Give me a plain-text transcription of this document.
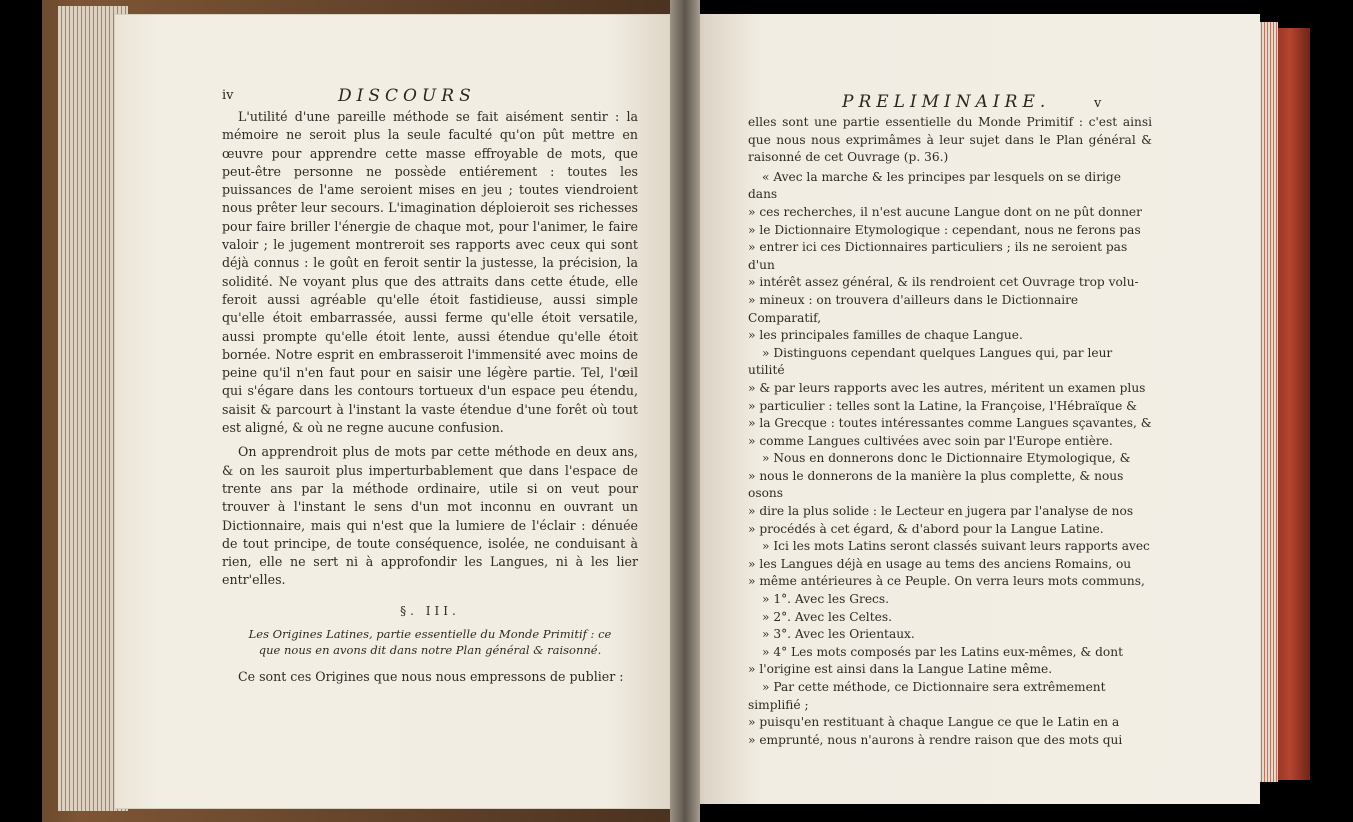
iv	DISCOURS

L'utilité d'une pareille méthode se fait aisément sentir : la mémoire ne seroit plus la seule faculté qu'on pût mettre en œuvre pour apprendre cette masse effroyable de mots, que peut-être personne ne possède entiérement : toutes les puissances de l'ame seroient mises en jeu ; toutes viendroient nous prêter leur secours. L'imagination déploieroit ses richesses pour faire briller l'énergie de chaque mot, pour l'animer, le faire valoir ; le jugement montreroit ses rapports avec ceux qui sont déjà connus : le goût en feroit sentir la justesse, la précision, la solidité. Ne voyant plus que des attraits dans cette étude, elle feroit aussi agréable qu'elle étoit fastidieuse, aussi simple qu'elle étoit embarrassée, aussi ferme qu'elle étoit versatile, aussi prompte qu'elle étoit lente, aussi étendue qu'elle étoit bornée. Notre esprit en embrasseroit l'immensité avec moins de peine qu'il n'en faut pour en saisir une légère partie. Tel, l'œil qui s'égare dans les contours tortueux d'un espace peu étendu, saisit & parcourt à l'instant la vaste étendue d'une forêt où tout est aligné, & où ne regne aucune confusion.

On apprendroit plus de mots par cette méthode en deux ans, & on les sauroit plus imperturbablement que dans l'espace de trente ans par la méthode ordinaire, utile si on veut pour trouver à l'instant le sens d'un mot inconnu en ouvrant un Dictionnaire, mais qui n'est que la lumiere de l'éclair : dénuée de tout principe, de toute conséquence, isolée, ne conduisant à rien, elle ne sert ni à approfondir les Langues, ni à les lier entr'elles.

§. III.

Les Origines Latines, partie essentielle du Monde Primitif : ce que nous en avons dit dans notre Plan général & raisonné.

Ce sont ces Origines que nous nous empressons de publier :

PRELIMINAIRE.	v

elles sont une partie essentielle du Monde Primitif : c'est ainsi que nous nous exprimâmes à leur sujet dans le Plan général & raisonné de cet Ouvrage (p. 36.)

« Avec la marche & les principes par lesquels on se dirige dans
» ces recherches, il n'est aucune Langue dont on ne pût donner
» le Dictionnaire Etymologique : cependant, nous ne ferons pas
» entrer ici ces Dictionnaires particuliers ; ils ne seroient pas d'un
» intérêt assez général, & ils rendroient cet Ouvrage trop volu-
» mineux : on trouvera d'ailleurs dans le Dictionnaire Comparatif,
» les principales familles de chaque Langue.
» Distinguons cependant quelques Langues qui, par leur utilité
» & par leurs rapports avec les autres, méritent un examen plus
» particulier : telles sont la Latine, la Françoise, l'Hébraïque &
» la Grecque : toutes intéressantes comme Langues sçavantes, &
» comme Langues cultivées avec soin par l'Europe entière.
» Nous en donnerons donc le Dictionnaire Etymologique, &
» nous le donnerons de la manière la plus complette, & nous osons
» dire la plus solide : le Lecteur en jugera par l'analyse de nos
» procédés à cet égard, & d'abord pour la Langue Latine.
» Ici les mots Latins seront classés suivant leurs rapports avec
» les Langues déjà en usage au tems des anciens Romains, ou
» même antérieures à ce Peuple. On verra leurs mots communs,
» 1°. Avec les Grecs.
» 2°. Avec les Celtes.
» 3°. Avec les Orientaux.
» 4° Les mots composés par les Latins eux-mêmes, & dont
» l'origine est ainsi dans la Langue Latine même.
» Par cette méthode, ce Dictionnaire sera extrêmement simplifié ;
» puisqu'en restituant à chaque Langue ce que le Latin en a
» emprunté, nous n'aurons à rendre raison que des mots qui
